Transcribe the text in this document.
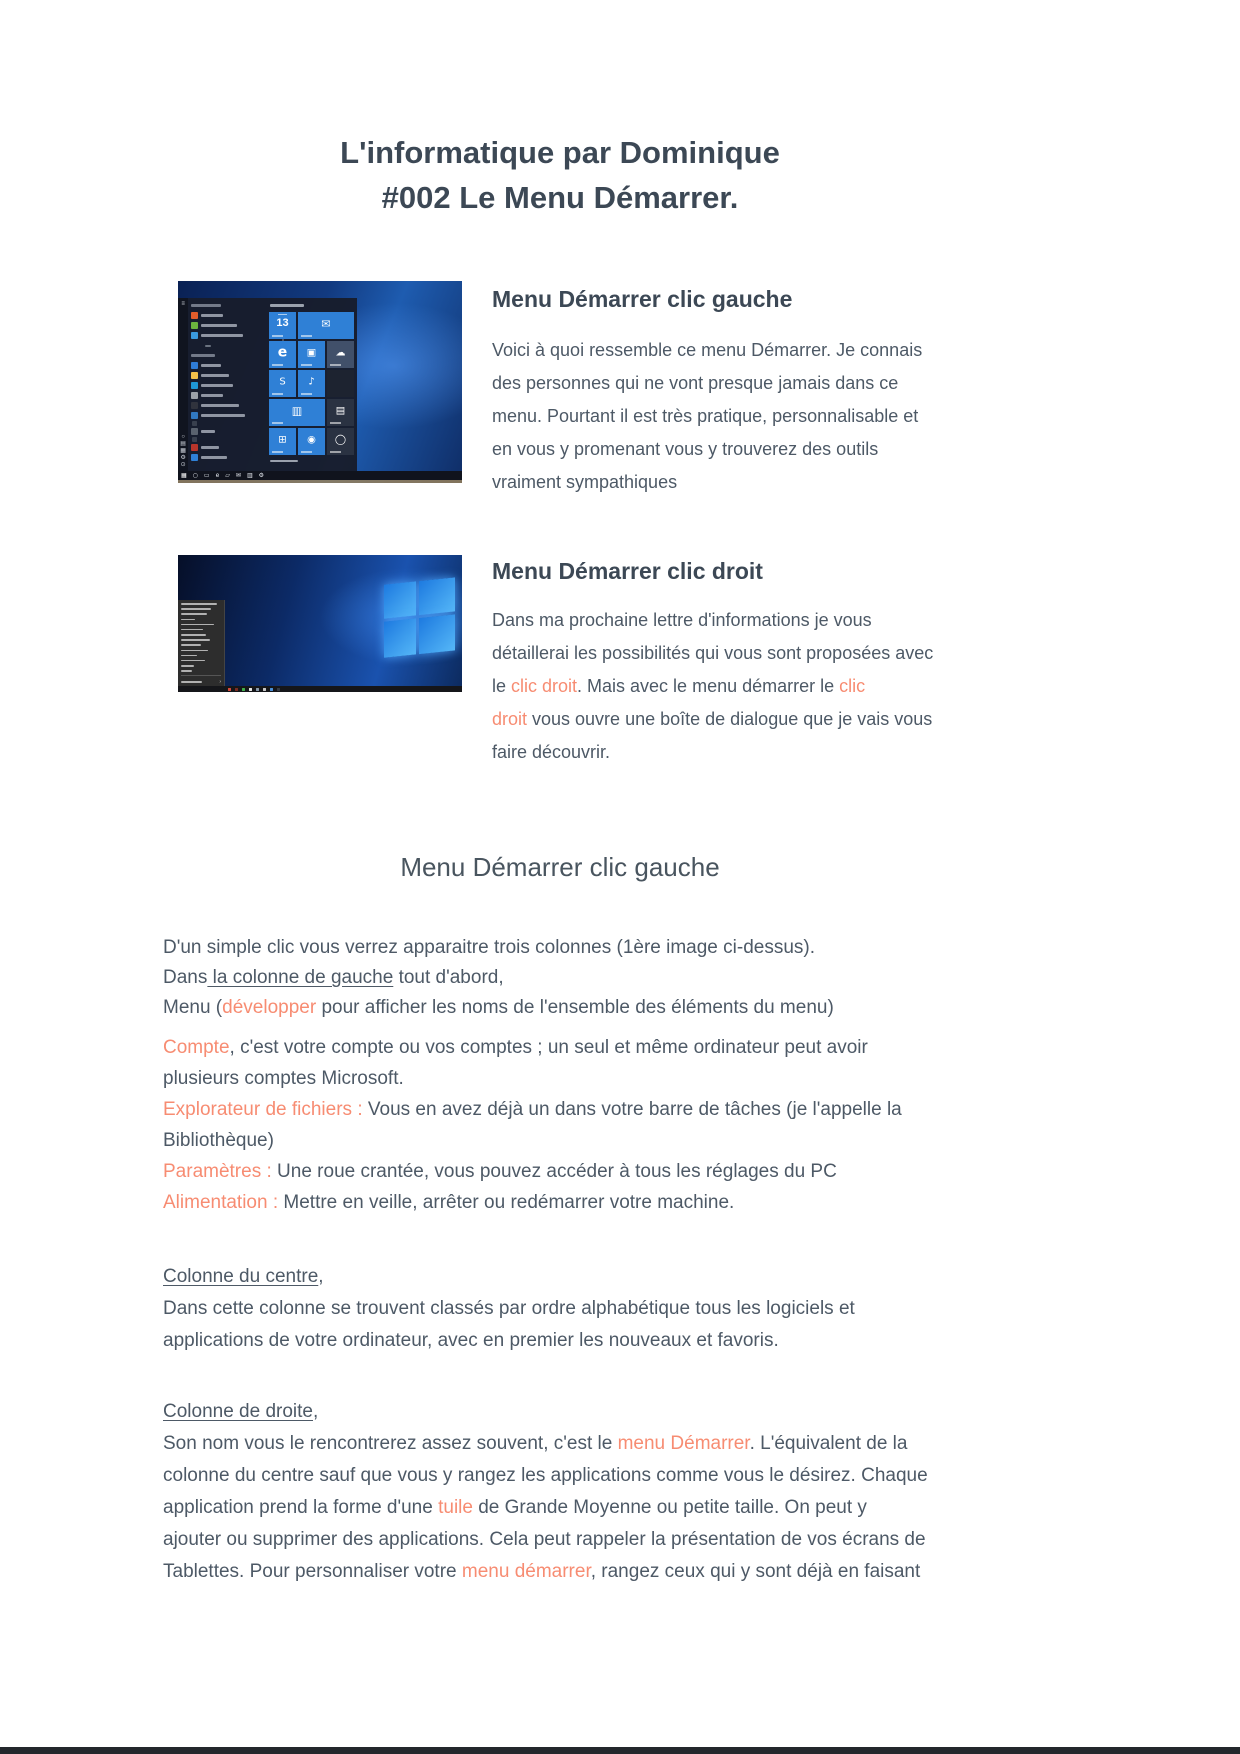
L'informatique par Dominique
#002 Le Menu Démarrer.
≡
○
▤
▦
⚙
⊙
13	✉
e	▣	☁
S	♪
▥	▤
⊞	◉	◯
▦ ○ ▭ e ▱ ✉ ▥ ⚙
Menu Démarrer clic gauche
Voici à quoi ressemble ce menu Démarrer. Je connais
des personnes qui ne vont presque jamais dans ce
menu. Pourtant il est très pratique, personnalisable et
en vous y promenant vous y trouverez des outils
vraiment sympathiques
›
Menu Démarrer clic droit
Dans ma prochaine lettre d'informations je vous
détaillerai les possibilités qui vous sont proposées avec
le clic droit. Mais avec le menu démarrer le clic
droit vous ouvre une boîte de dialogue que je vais vous
faire découvrir.
Menu Démarrer clic gauche
D'un simple clic vous verrez apparaitre trois colonnes (1ère image ci-dessus).
Dans la colonne de gauche tout d'abord,
Menu (développer pour afficher les noms de l'ensemble des éléments du menu)
Compte, c'est votre compte ou vos comptes ; un seul et même ordinateur peut avoir
plusieurs comptes Microsoft.
Explorateur de fichiers : Vous en avez déjà un dans votre barre de tâches (je l'appelle la
Bibliothèque)
Paramètres : Une roue crantée, vous pouvez accéder à tous les réglages du PC
Alimentation : Mettre en veille, arrêter ou redémarrer votre machine.
Colonne du centre,
Dans cette colonne se trouvent classés par ordre alphabétique tous les logiciels et
applications de votre ordinateur, avec en premier les nouveaux et favoris.
Colonne de droite,
Son nom vous le rencontrerez assez souvent, c'est le menu Démarrer. L'équivalent de la
colonne du centre sauf que vous y rangez les applications comme vous le désirez. Chaque
application prend la forme d'une tuile de Grande Moyenne ou petite taille. On peut y
ajouter ou supprimer des applications. Cela peut rappeler la présentation de vos écrans de
Tablettes. Pour personnaliser votre menu démarrer, rangez ceux qui y sont déjà en faisant
